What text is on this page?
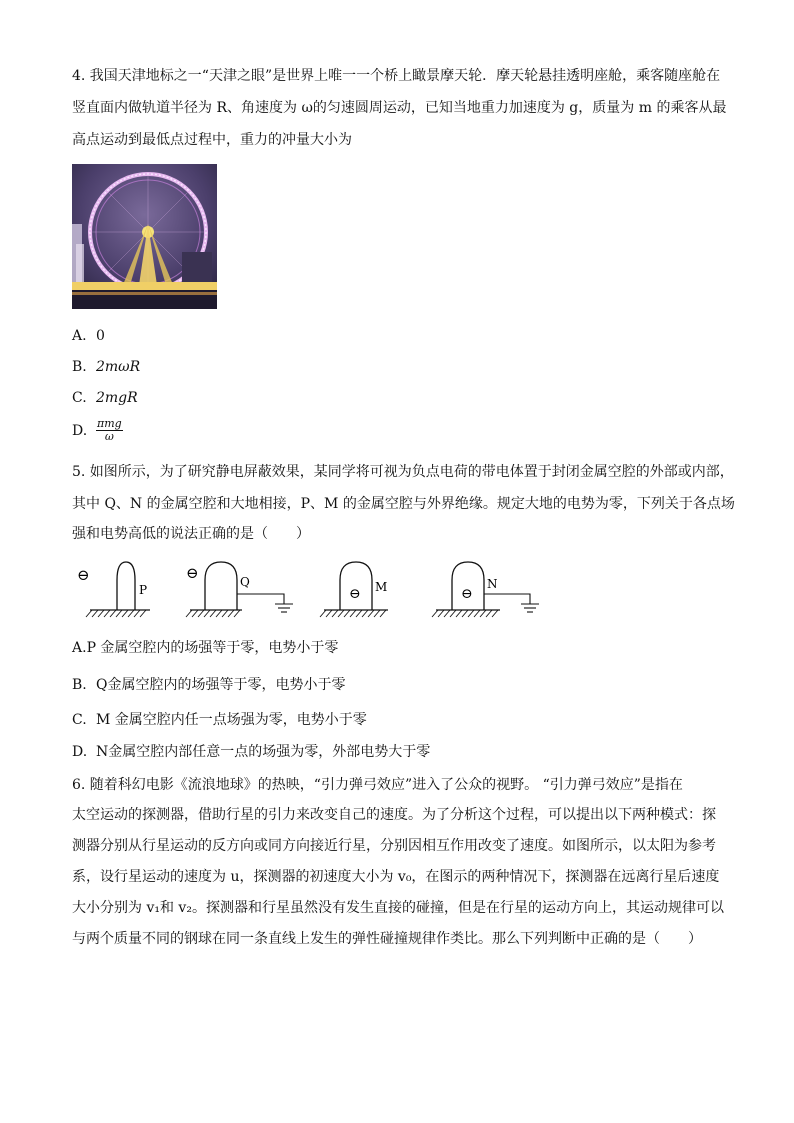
4. 我国天津地标之一“天津之眼”是世界上唯一一个桥上瞰景摩天轮．摩天轮悬挂透明座舱，乘客随座舱在
竖直面内做轨道半径为 R、角速度为 ω的匀速圆周运动，已知当地重力加速度为 g，质量为 m 的乘客从最
高点运动到最低点过程中，重力的冲量大小为
A. 0
B. 2mωR
C. 2mgR
D. $\frac{\text{πmg}}{\omega}$
5. 如图所示，为了研究静电屏蔽效果，某同学将可视为负点电荷的带电体置于封闭金属空腔的外部或内部，
其中 Q、N 的金属空腔和大地相接，P、M 的金属空腔与外界绝缘。规定大地的电势为零，下列关于各点场
强和电势高低的说法正确的是（　　）
⊖
P
⊖	Q
⊖ M	⊖
N
A.P 金属空腔内的场强等于零，电势小于零
B. Q金属空腔内的场强等于零，电势小于零
C. M 金属空腔内任一点场强为零，电势小于零
D. N金属空腔内部任意一点的场强为零，外部电势大于零
6. 随着科幻电影《流浪地球》的热映，“引力弹弓效应”进入了公众的视野。 “引力弹弓效应”是指在
太空运动的探测器，借助行星的引力来改变自己的速度。为了分析这个过程，可以提出以下两种模式：探
测器分别从行星运动的反方向或同方向接近行星，分别因相互作用改变了速度。如图所示，以太阳为参考
系，设行星运动的速度为 u，探测器的初速度大小为 v₀，在图示的两种情况下，探测器在远离行星后速度
大小分别为 v₁和 v₂。探测器和行星虽然没有发生直接的碰撞，但是在行星的运动方向上，其运动规律可以
与两个质量不同的钢球在同一条直线上发生的弹性碰撞规律作类比。那么下列判断中正确的是（　　）
